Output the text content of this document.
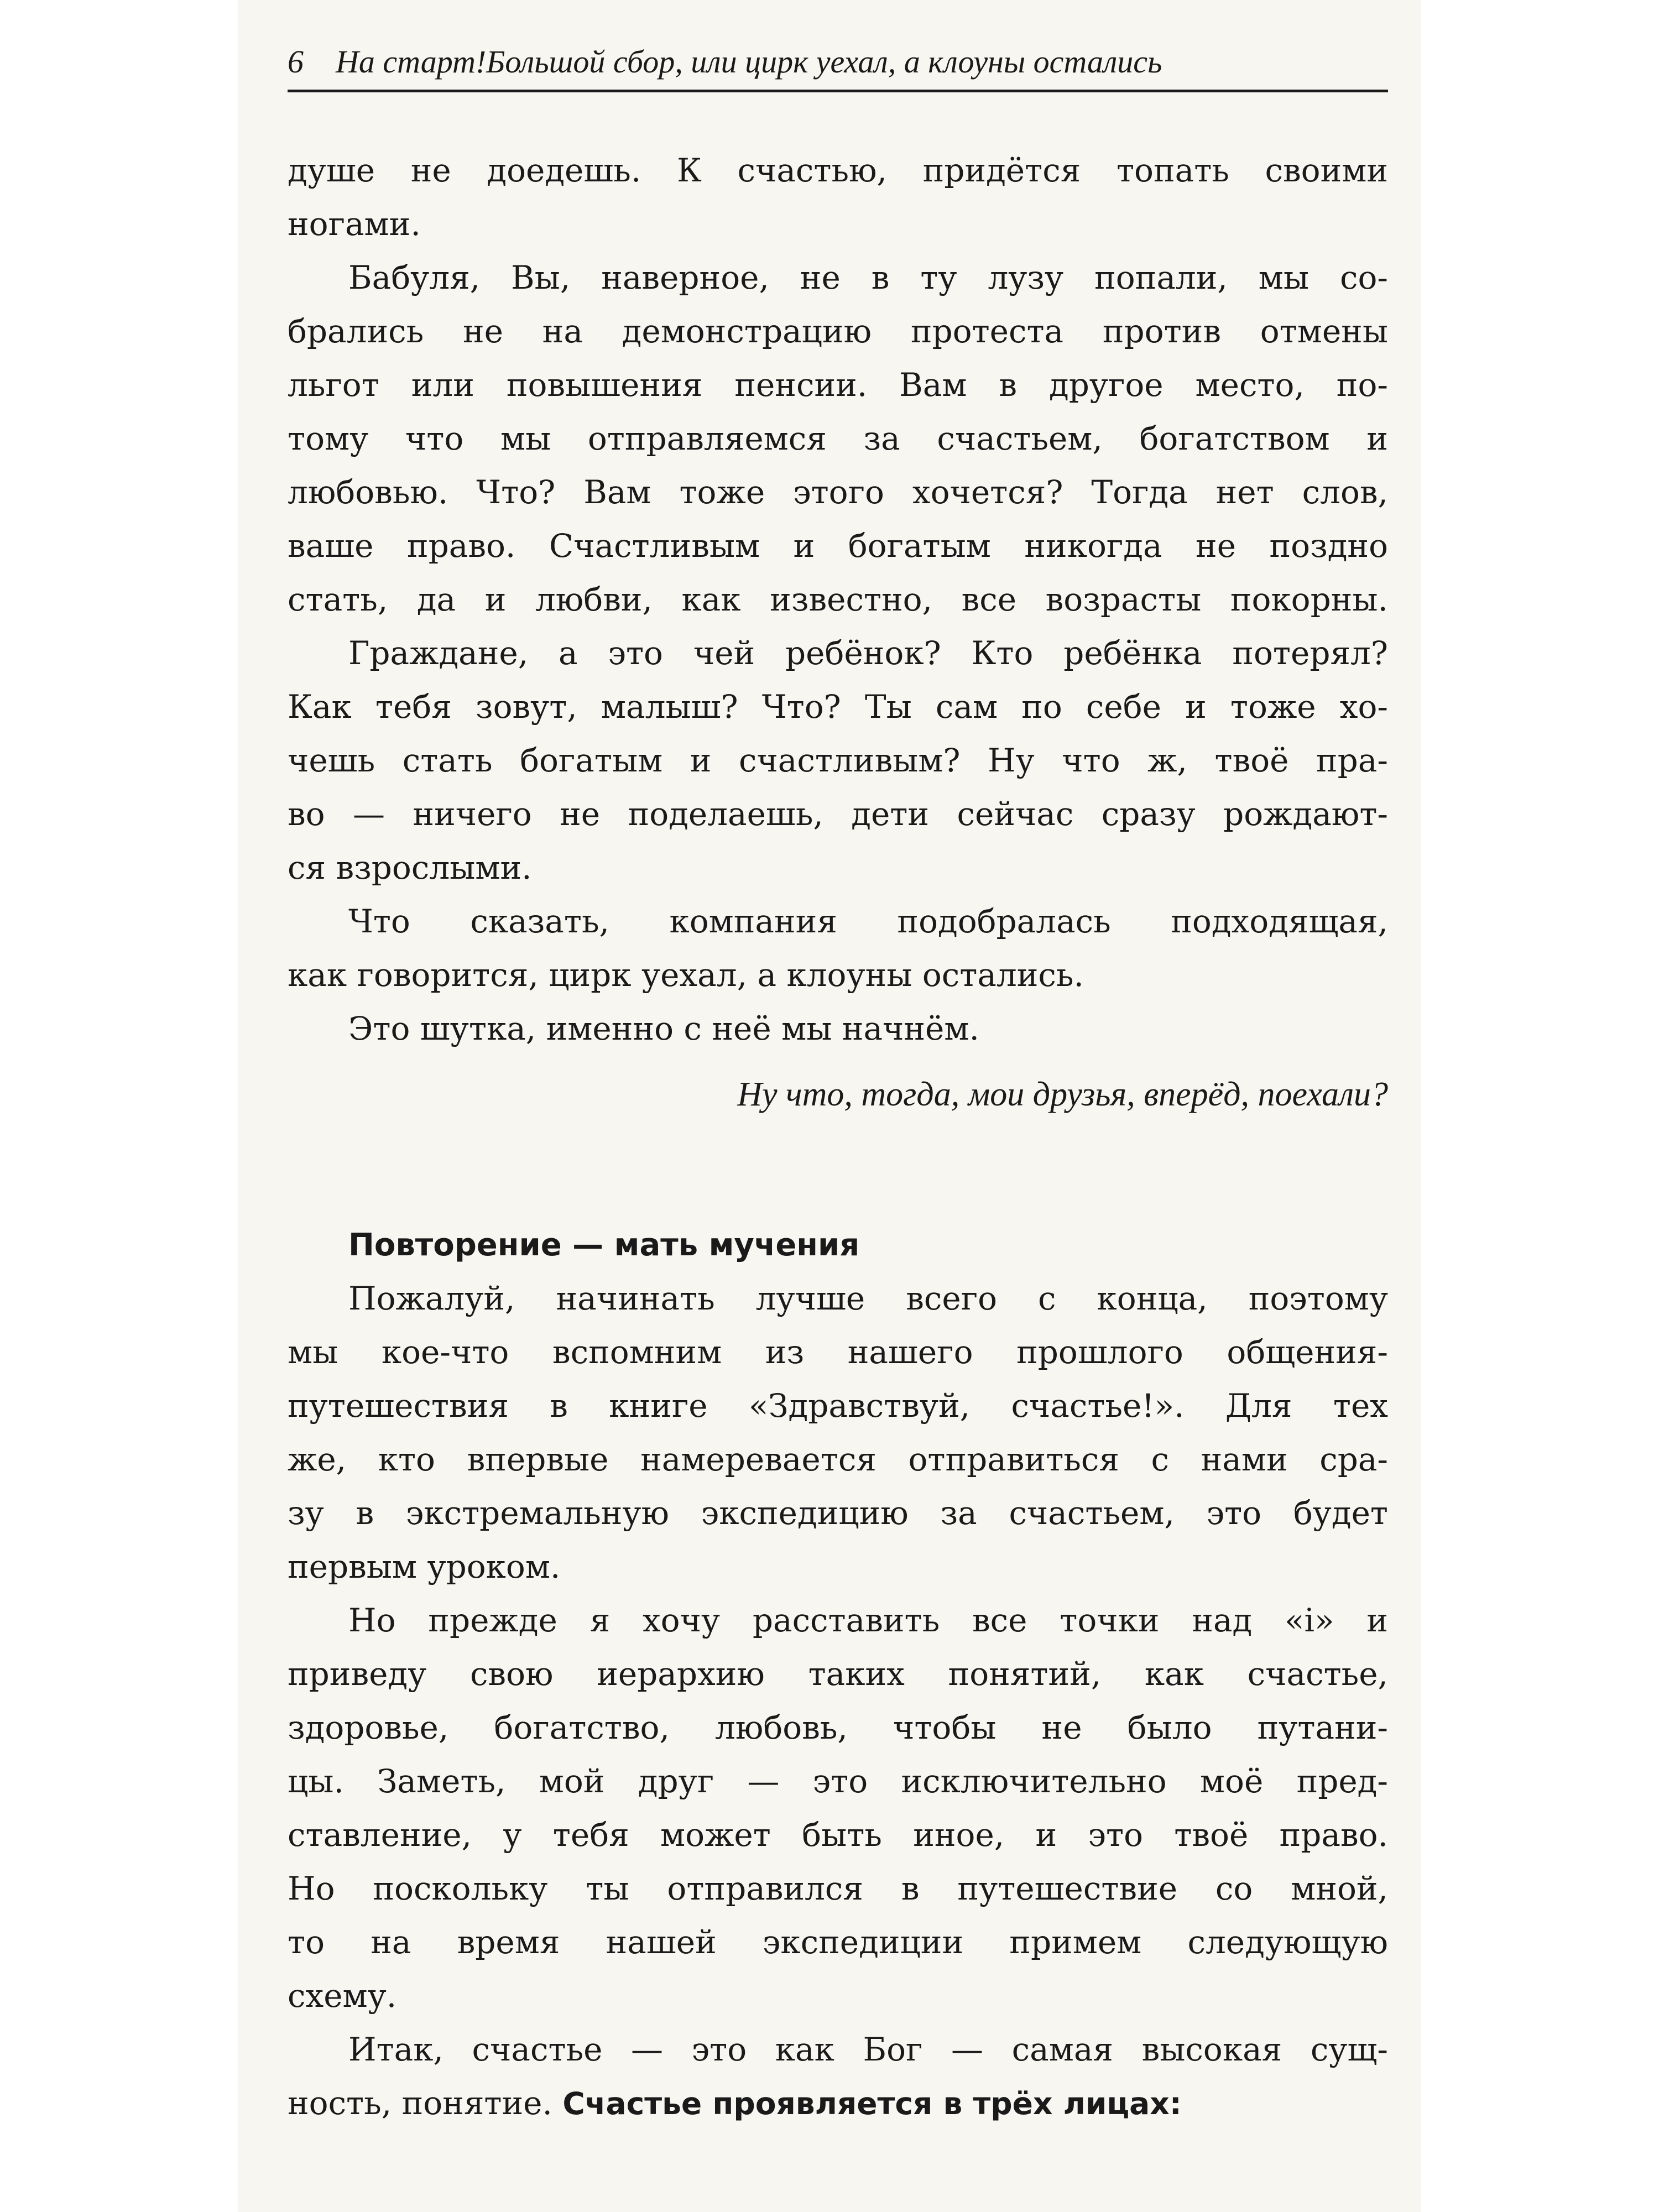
6 На старт!Большой сбор, или цирк уехал, а клоуны остались
душе не доедешь. К счастью, придётся топать своими
ногами.
Бабуля, Вы, наверное, не в ту лузу попали, мы со-
брались не на демонстрацию протеста против отмены
льгот или повышения пенсии. Вам в другое место, по-
тому что мы отправляемся за счастьем, богатством и
любовью. Что? Вам тоже этого хочется? Тогда нет слов,
ваше право. Счастливым и богатым никогда не поздно
стать, да и любви, как известно, все возрасты покорны.
Граждане, а это чей ребёнок? Кто ребёнка потерял?
Как тебя зовут, малыш? Что? Ты сам по себе и тоже хо-
чешь стать богатым и счастливым? Ну что ж, твоё пра-
во — ничего не поделаешь, дети сейчас сразу рождают-
ся взрослыми.
Что сказать, компания подобралась подходящая,
как говорится, цирк уехал, а клоуны остались.
Это шутка, именно с неё мы начнём.
Ну что, тогда, мои друзья, вперёд, поехали?
Повторение — мать мучения
Пожалуй, начинать лучше всего с конца, поэтому
мы кое-что вспомним из нашего прошлого общения-
путешествия в книге «Здравствуй, счастье!». Для тех
же, кто впервые намеревается отправиться с нами сра-
зу в экстремальную экспедицию за счастьем, это будет
первым уроком.
Но прежде я хочу расставить все точки над «i» и
приведу свою иерархию таких понятий, как счастье,
здоровье, богатство, любовь, чтобы не было путани-
цы. Заметь, мой друг — это исключительно моё пред-
ставление, у тебя может быть иное, и это твоё право.
Но поскольку ты отправился в путешествие со мной,
то на время нашей экспедиции примем следующую
схему.
Итак, счастье — это как Бог — самая высокая сущ-
ность, понятие. Счастье проявляется в трёх лицах:
